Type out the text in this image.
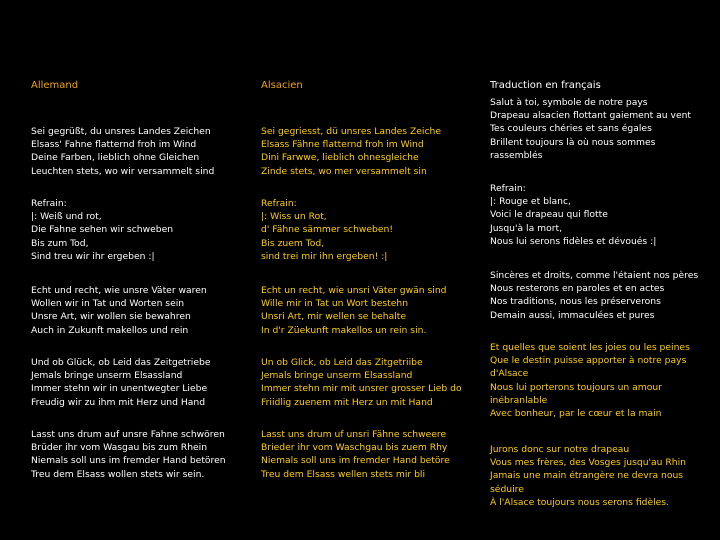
Allemand	Alsacien	Traduction en français
Sei gegrüßt, du unsres Landes Zeichen
Elsass' Fahne flatternd froh im Wind
Deine Farben, lieblich ohne Gleichen
Leuchten stets, wo wir versammelt sind
Refrain:
|: Weiß und rot,
Die Fahne sehen wir schweben
Bis zum Tod,
Sind treu wir ihr ergeben :|
Echt und recht, wie unsre Väter waren
Wollen wir in Tat und Worten sein
Unsre Art, wir wollen sie bewahren
Auch in Zukunft makellos und rein
Und ob Glück, ob Leid das Zeitgetriebe
Jemals bringe unserm Elsassland
Immer stehn wir in unentwegter Liebe
Freudig wir zu ihm mit Herz und Hand
Lasst uns drum auf unsre Fahne schwören
Brüder ihr vom Wasgau bis zum Rhein
Niemals soll uns im fremder Hand betören
Treu dem Elsass wollen stets wir sein.
Sei gegriesst, dü unsres Landes Zeiche
Elsass Fähne flatternd froh im Wind
Dini Farwwe, lieblich ohnesgleiche
Zinde stets, wo mer versammelt sin
Refrain:
|: Wiss un Rot,
d' Fähne sämmer schweben!
Bis zuem Tod,
sind trei mir ihn ergeben! :|
Echt un recht, wie unsri Väter gwän sind
Wille mir in Tat un Wort bestehn
Unsri Art, mir wellen se behalte
In d'r Züekunft makellos un rein sin.
Un ob Glick, ob Leid das Zitgetriibe
Jemals bringe unserm Elsassland
Immer stehn mir mit unsrer grosser Lieb do
Friidlig zuenem mit Herz un mit Hand
Lasst uns drum uf unsri Fähne schweere
Brieder ihr vom Waschgau bis zuem Rhy
Niemals soll uns im fremder Hand betöre
Treu dem Elsass wellen stets mir bli
Salut à toi, symbole de notre pays
Drapeau alsacien flottant gaiement au vent
Tes couleurs chéries et sans égales
Brillent toujours là où nous sommes
rassemblés
Refrain:
|: Rouge et blanc,
Voici le drapeau qui flotte
Jusqu'à la mort,
Nous lui serons fidèles et dévoués :|
Sincères et droits, comme l'étaient nos pères
Nous resterons en paroles et en actes
Nos traditions, nous les préserverons
Demain aussi, immaculées et pures
Et quelles que soient les joies ou les peines
Que le destin puisse apporter à notre pays
d'Alsace
Nous lui porterons toujours un amour
inébranlable
Avec bonheur, par le cœur et la main
Jurons donc sur notre drapeau
Vous mes frères, des Vosges jusqu'au Rhin
Jamais une main étrangère ne devra nous
séduire
À l'Alsace toujours nous serons fidèles.
